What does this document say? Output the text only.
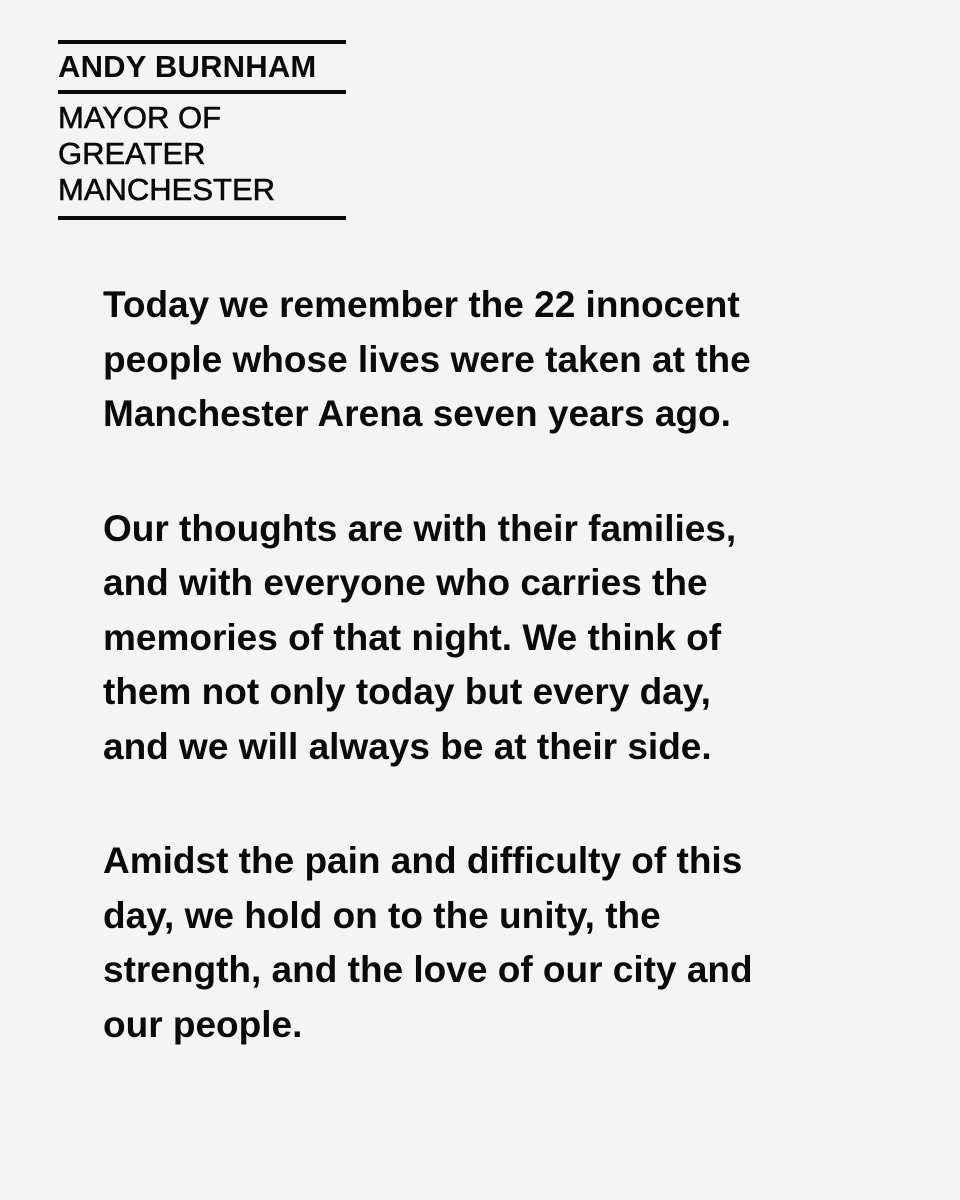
ANDY BURNHAM
MAYOR OF
GREATER
MANCHESTER

Today we remember the 22 innocent
people whose lives were taken at the
Manchester Arena seven years ago.

Our thoughts are with their families,
and with everyone who carries the
memories of that night. We think of
them not only today but every day,
and we will always be at their side.

Amidst the pain and difficulty of this
day, we hold on to the unity, the
strength, and the love of our city and
our people.
